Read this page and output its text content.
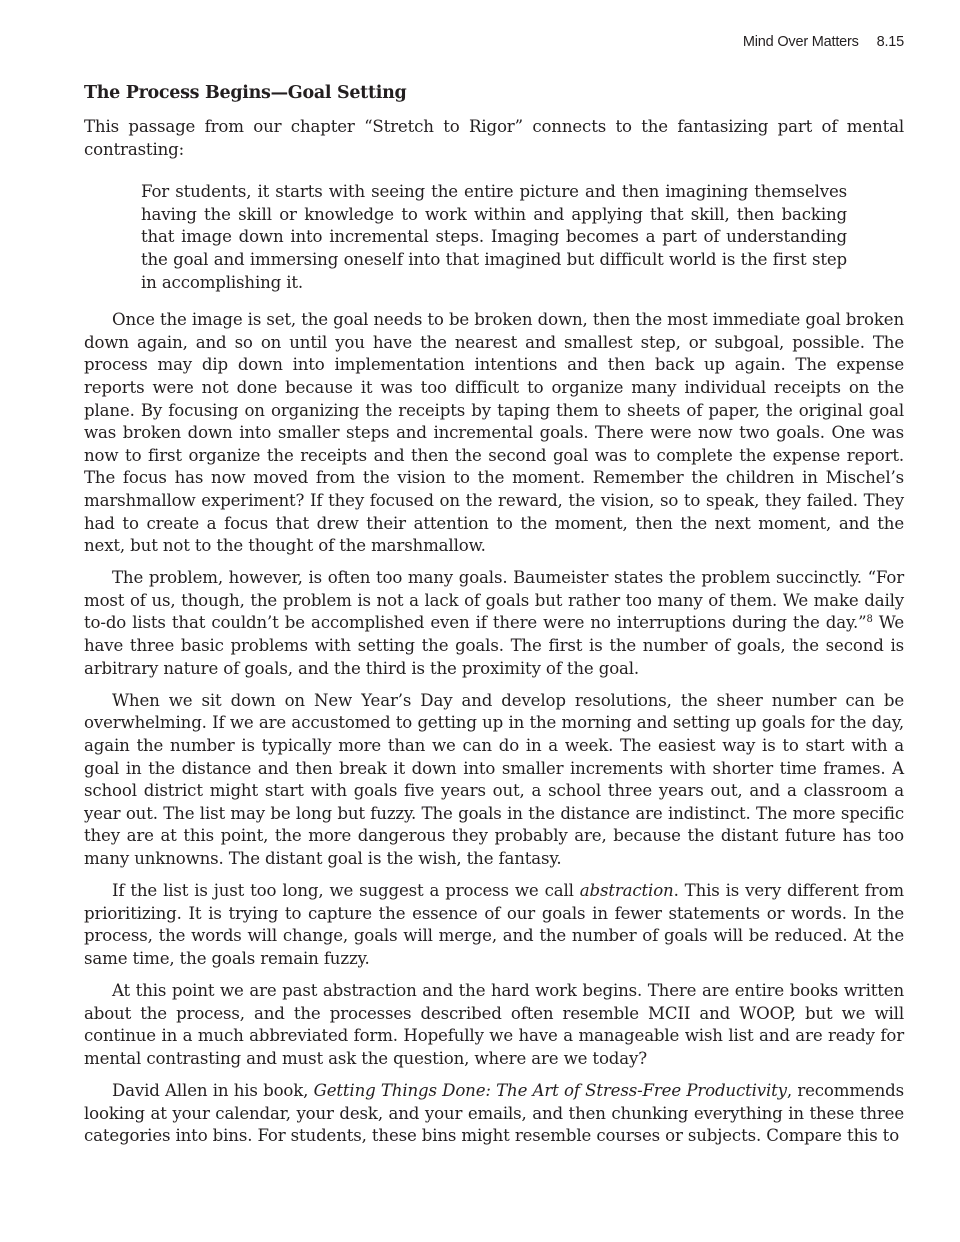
Mind Over Matters 8.15
The Process Begins—Goal Setting

This passage from our chapter “Stretch to Rigor” connects to the fantasizing part of mental contrasting:

For students, it starts with seeing the entire picture and then imagining themselves having the skill or knowledge to work within and applying that skill, then backing that image down into incremental steps. Imaging becomes a part of understanding the goal and immersing oneself into that imagined but difficult world is the first step in accomplishing it.

Once the image is set, the goal needs to be broken down, then the most immediate goal broken down again, and so on until you have the nearest and smallest step, or subgoal, possible. The process may dip down into implementation intentions and then back up again. The expense reports were not done because it was too difficult to organize many individual receipts on the plane. By focusing on organizing the receipts by taping them to sheets of paper, the original goal was broken down into smaller steps and incremental goals. There were now two goals. One was now to first organize the receipts and then the second goal was to complete the expense report. The focus has now moved from the vision to the moment. Remember the children in Mischel’s marshmallow experiment? If they focused on the reward, the vision, so to speak, they failed. They had to create a focus that drew their attention to the moment, then the next moment, and the next, but not to the thought of the marshmallow.

The problem, however, is often too many goals. Baumeister states the problem succinctly. “For most of us, though, the problem is not a lack of goals but rather too many of them. We make daily to-do lists that couldn’t be accomplished even if there were no interruptions during the day.”$^8$ We have three basic problems with setting the goals. The first is the number of goals, the second is arbitrary nature of goals, and the third is the proximity of the goal.

When we sit down on New Year’s Day and develop resolutions, the sheer number can be overwhelming. If we are accustomed to getting up in the morning and setting up goals for the day, again the number is typically more than we can do in a week. The easiest way is to start with a goal in the distance and then break it down into smaller increments with shorter time frames. A school district might start with goals five years out, a school three years out, and a classroom a year out. The list may be long but fuzzy. The goals in the distance are indistinct. The more specific they are at this point, the more dangerous they probably are, because the distant future has too many unknowns. The distant goal is the wish, the fantasy.

If the list is just too long, we suggest a process we call abstraction. This is very different from prioritizing. It is trying to capture the essence of our goals in fewer statements or words. In the process, the words will change, goals will merge, and the number of goals will be reduced. At the same time, the goals remain fuzzy.

At this point we are past abstraction and the hard work begins. There are entire books written about the process, and the processes described often resemble MCII and WOOP, but we will continue in a much abbreviated form. Hopefully we have a manageable wish list and are ready for mental contrasting and must ask the question, where are we today?

David Allen in his book, Getting Things Done: The Art of Stress-Free Productivity, recommends looking at your calendar, your desk, and your emails, and then chunking everything in these three categories into bins. For students, these bins might resemble courses or subjects. Compare this to
